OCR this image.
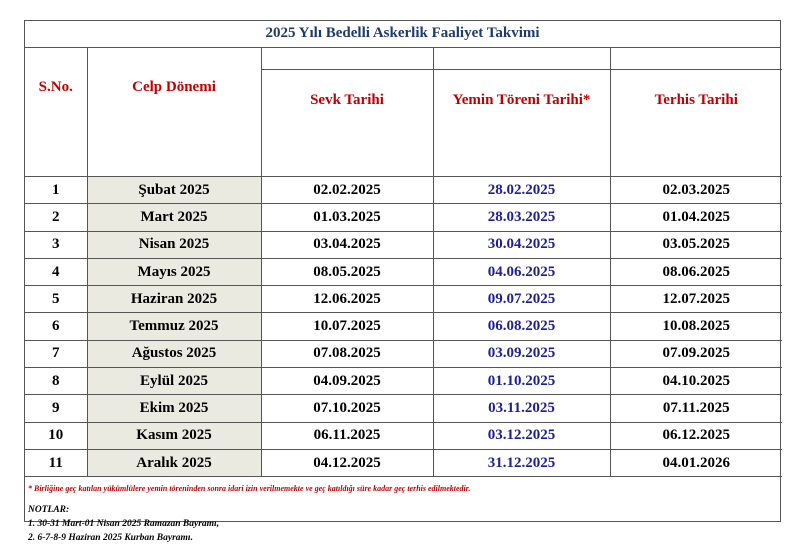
2025 Yılı Bedelli Askerlik Faaliyet Takvimi
S.No.	Celp Dönemi	Sevk Tarihi	Yemin Töreni Tarihi*	Terhis Tarihi
1	Şubat 2025	02.02.2025	28.02.2025	02.03.2025
2	Mart 2025	01.03.2025	28.03.2025	01.04.2025
3	Nisan 2025	03.04.2025	30.04.2025	03.05.2025
4	Mayıs 2025	08.05.2025	04.06.2025	08.06.2025
5	Haziran 2025	12.06.2025	09.07.2025	12.07.2025
6	Temmuz 2025	10.07.2025	06.08.2025	10.08.2025
7	Ağustos 2025	07.08.2025	03.09.2025	07.09.2025
8	Eylül 2025	04.09.2025	01.10.2025	04.10.2025
9	Ekim 2025	07.10.2025	03.11.2025	07.11.2025
10	Kasım 2025	06.11.2025	03.12.2025	06.12.2025
11	Aralık 2025	04.12.2025	31.12.2025	04.01.2026
* Birliğine geç katılan yükümlülere yemin töreninden sonra idari izin verilmemekte ve geç katıldığı süre kadar geç terhis edilmektedir.
NOTLAR:
1. 30-31 Mart-01 Nisan 2025 Ramazan Bayramı,
2. 6-7-8-9 Haziran 2025 Kurban Bayramı.
